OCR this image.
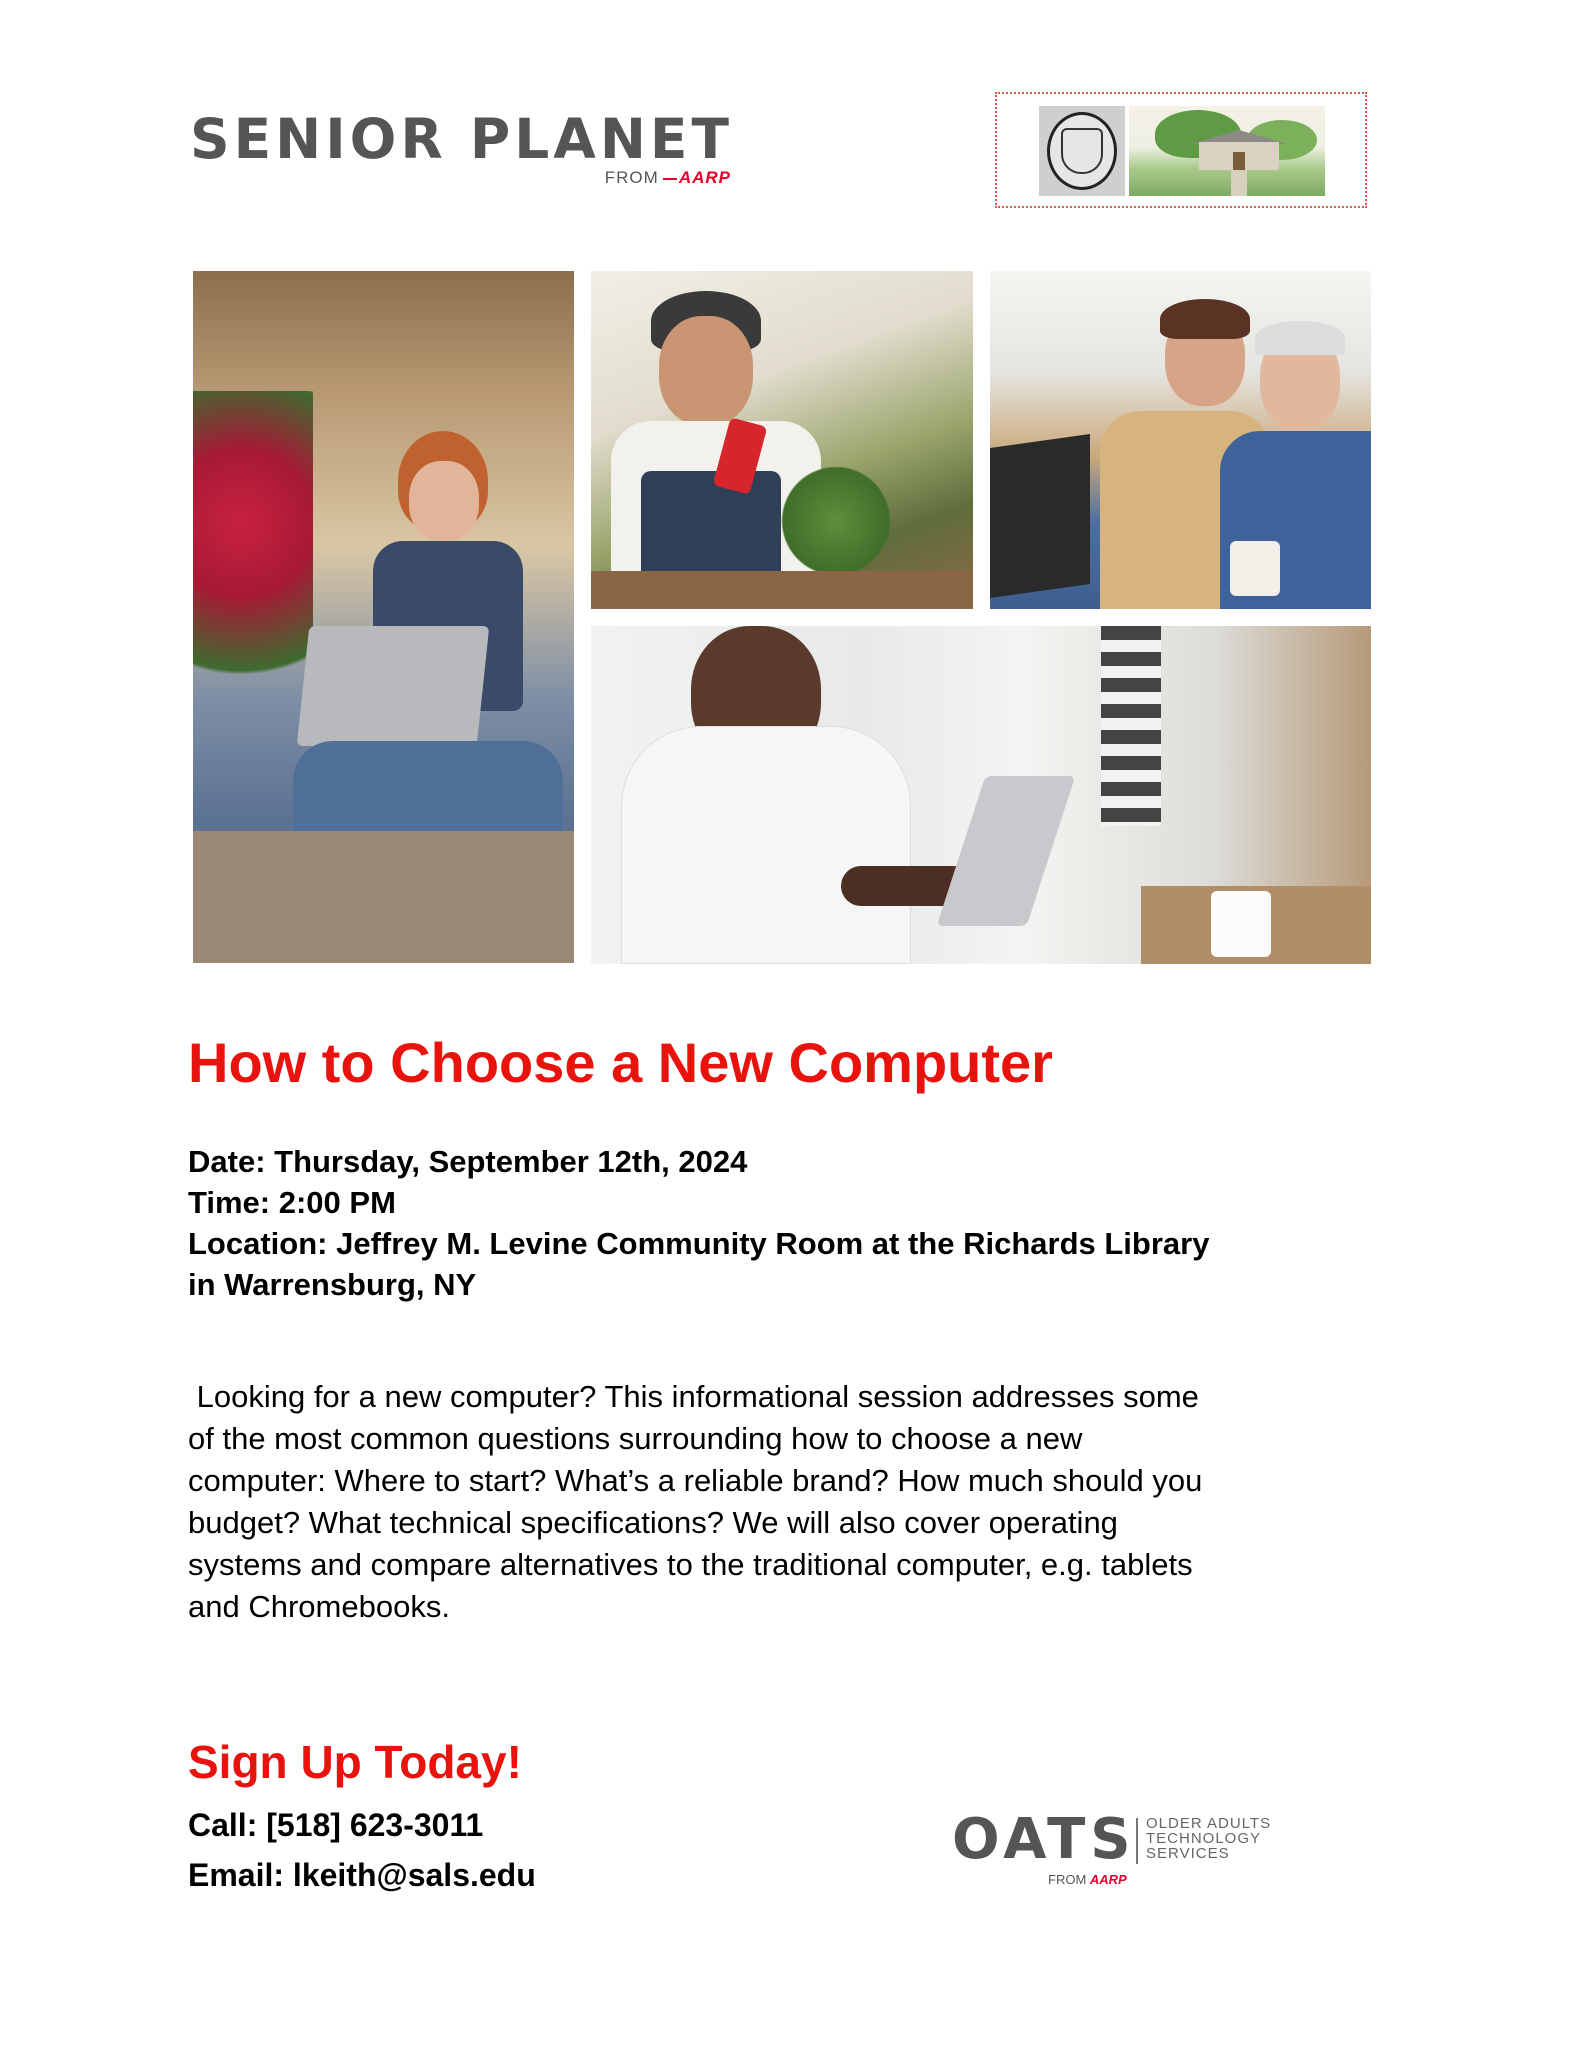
SENIOR PLANET
FROM AARP
How to Choose a New Computer
Date: Thursday, September 12th, 2024
Time: 2:00 PM
Location: Jeffrey M. Levine Community Room at the Richards Library
in Warrensburg, NY
Looking for a new computer? This informational session addresses some
of the most common questions surrounding how to choose a new
computer: Where to start? What’s a reliable brand? How much should you
budget? What technical specifications? We will also cover operating
systems and compare alternatives to the traditional computer, e.g. tablets
and Chromebooks.
Sign Up Today!
Call: [518] 623-3011
Email: lkeith@sals.edu
OATS OLDER ADULTS
TECHNOLOGY
SERVICES
FROM AARP
